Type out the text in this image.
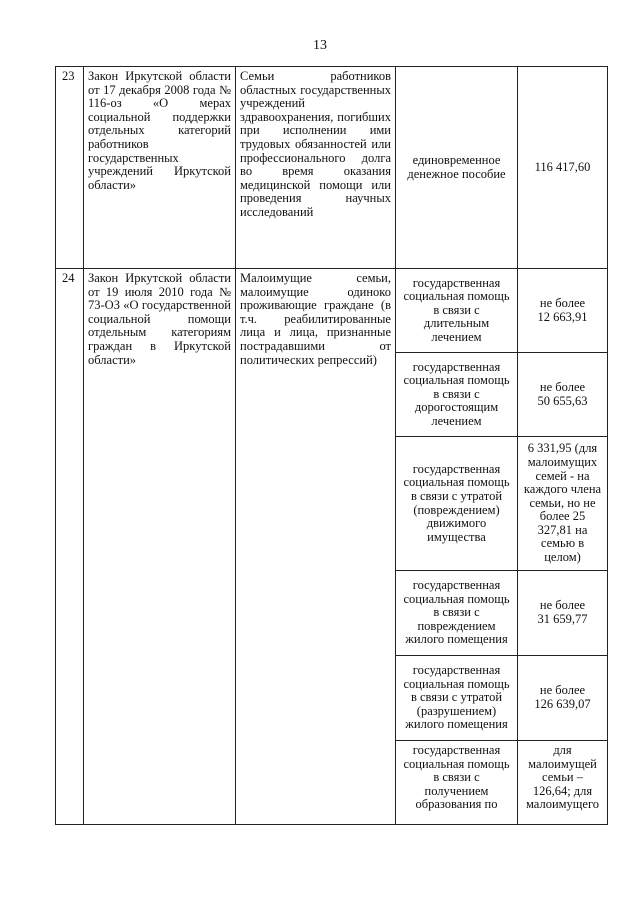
13
23	Закон Иркутской области от 17 декабря 2008 года № 116-оз «О мерах социальной поддержки отдельных категорий работников государственных учреждений Иркутской области»	Семьи работников областных государственных учреждений здравоохранения, погибших при исполнении ими трудовых обязанностей или профессионального долга во время оказания медицинской помощи или проведения научных исследований	единовременное денежное пособие	116 417,60
24	Закон Иркутской области от 19 июля 2010 года № 73-ОЗ «О государственной социальной помощи отдельным категориям граждан в Иркутской области»	Малоимущие семьи, малоимущие одиноко проживающие граждане (в т.ч. реабилитированные лица и лица, признанные пострадавшими от политических репрессий)	государственная социальная помощь в связи с длительным лечением	не более
12 663,91
			государственная социальная помощь в связи с дорогостоящим лечением	не более
50 655,63
			государственная социальная помощь в связи с утратой (повреждением) движимого имущества	6 331,95 (для малоимущих семей - на каждого члена семьи, но не более 25 327,81 на семью в целом)
			государственная социальная помощь в связи с повреждением жилого помещения	не более
31 659,77
			государственная социальная помощь в связи с утратой (разрушением) жилого помещения	не более
126 639,07
			государственная социальная помощь в связи с получением образования по	для малоимущей семьи – 126,64; для малоимущего
